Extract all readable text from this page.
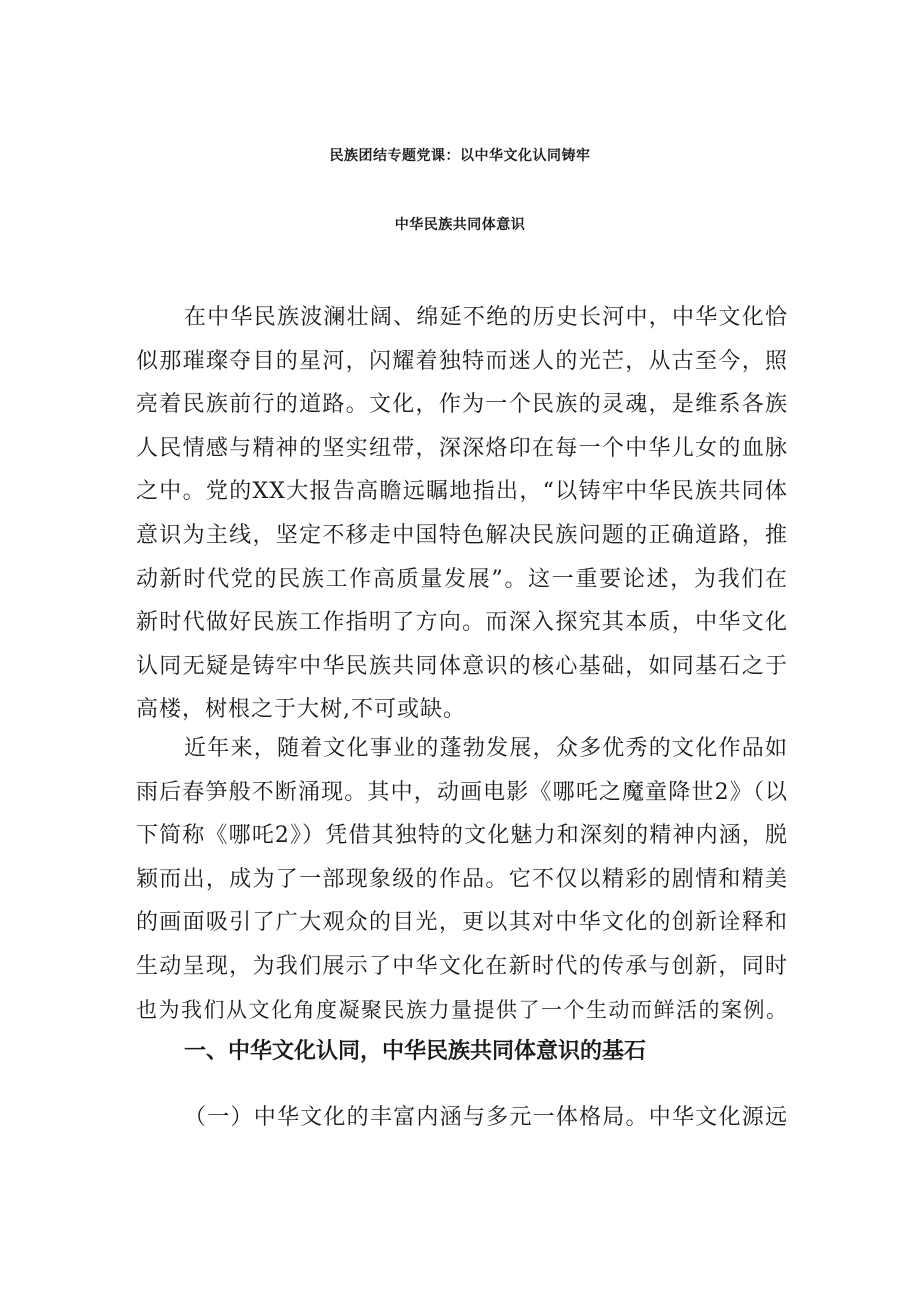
民族团结专题党课：以中华文化认同铸牢
中华民族共同体意识
在中华民族波澜壮阔、绵延不绝的历史长河中，中华文化恰
似那璀璨夺目的星河，闪耀着独特而迷人的光芒，从古至今，照
亮着民族前行的道路。文化，作为一个民族的灵魂，是维系各族
人民情感与精神的坚实纽带，深深烙印在每一个中华儿女的血脉
之中。党的XX大报告高瞻远瞩地指出，“以铸牢中华民族共同体
意识为主线，坚定不移走中国特色解决民族问题的正确道路，推
动新时代党的民族工作高质量发展”。这一重要论述，为我们在
新时代做好民族工作指明了方向。而深入探究其本质，中华文化
认同无疑是铸牢中华民族共同体意识的核心基础，如同基石之于
高楼，树根之于大树,不可或缺。
近年来，随着文化事业的蓬勃发展，众多优秀的文化作品如
雨后春笋般不断涌现。其中，动画电影《哪吒之魔童降世2》（以
下简称《哪吒2》）凭借其独特的文化魅力和深刻的精神内涵，脱
颖而出，成为了一部现象级的作品。它不仅以精彩的剧情和精美
的画面吸引了广大观众的目光，更以其对中华文化的创新诠释和
生动呈现，为我们展示了中华文化在新时代的传承与创新，同时
也为我们从文化角度凝聚民族力量提供了一个生动而鲜活的案例。
一、中华文化认同，中华民族共同体意识的基石
（一）中华文化的丰富内涵与多元一体格局。中华文化源远
